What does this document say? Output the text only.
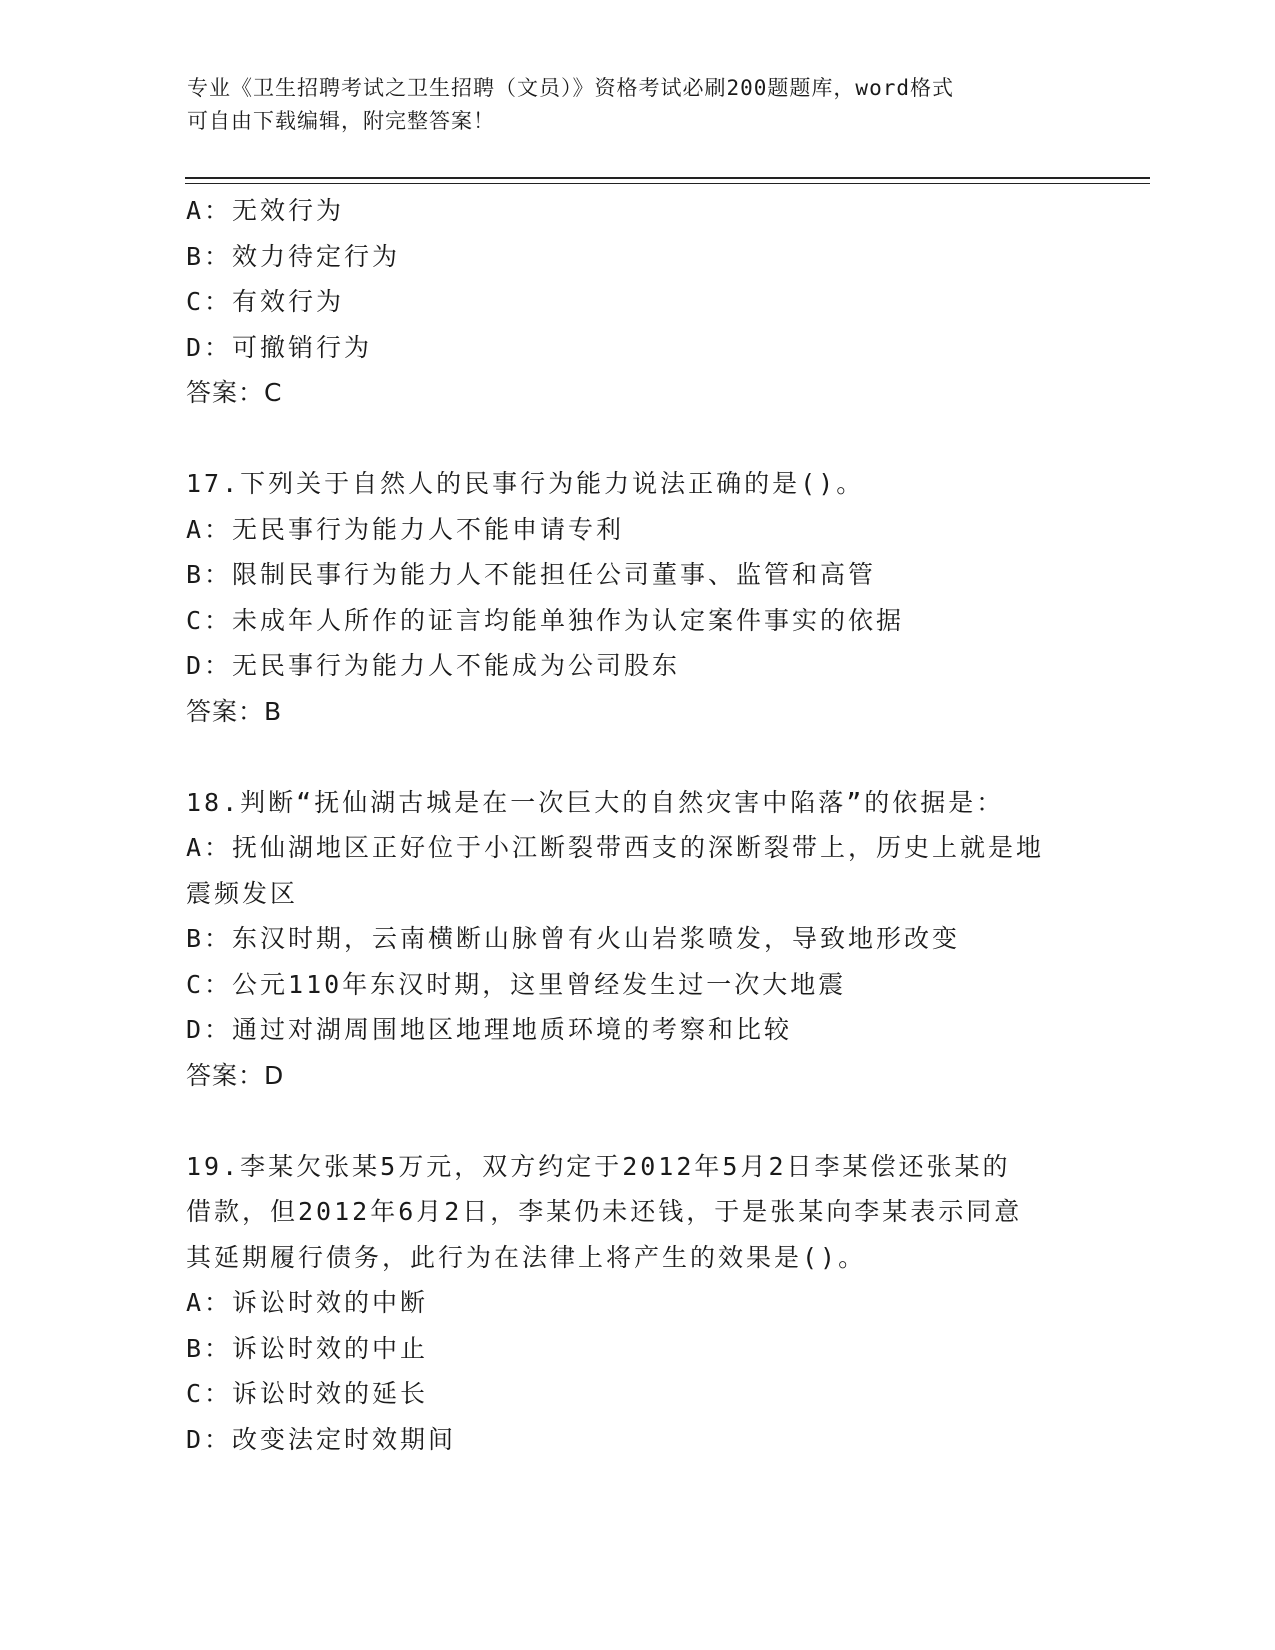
专业《卫生招聘考试之卫生招聘（文员）》资格考试必刷200题题库，word格式
可自由下载编辑，附完整答案！
A：无效行为
B：效力待定行为
C：有效行为
D：可撤销行为
答案：C
17.下列关于自然人的民事行为能力说法正确的是()。
A：无民事行为能力人不能申请专利
B：限制民事行为能力人不能担任公司董事、监管和高管
C：未成年人所作的证言均能单独作为认定案件事实的依据
D：无民事行为能力人不能成为公司股东
答案：B
18.判断“抚仙湖古城是在一次巨大的自然灾害中陷落”的依据是：
A：抚仙湖地区正好位于小江断裂带西支的深断裂带上，历史上就是地
震频发区
B：东汉时期，云南横断山脉曾有火山岩浆喷发，导致地形改变
C：公元110年东汉时期，这里曾经发生过一次大地震
D：通过对湖周围地区地理地质环境的考察和比较
答案：D
19.李某欠张某5万元，双方约定于2012年5月2日李某偿还张某的
借款，但2012年6月2日，李某仍未还钱，于是张某向李某表示同意
其延期履行债务，此行为在法律上将产生的效果是()。
A：诉讼时效的中断
B：诉讼时效的中止
C：诉讼时效的延长
D：改变法定时效期间
